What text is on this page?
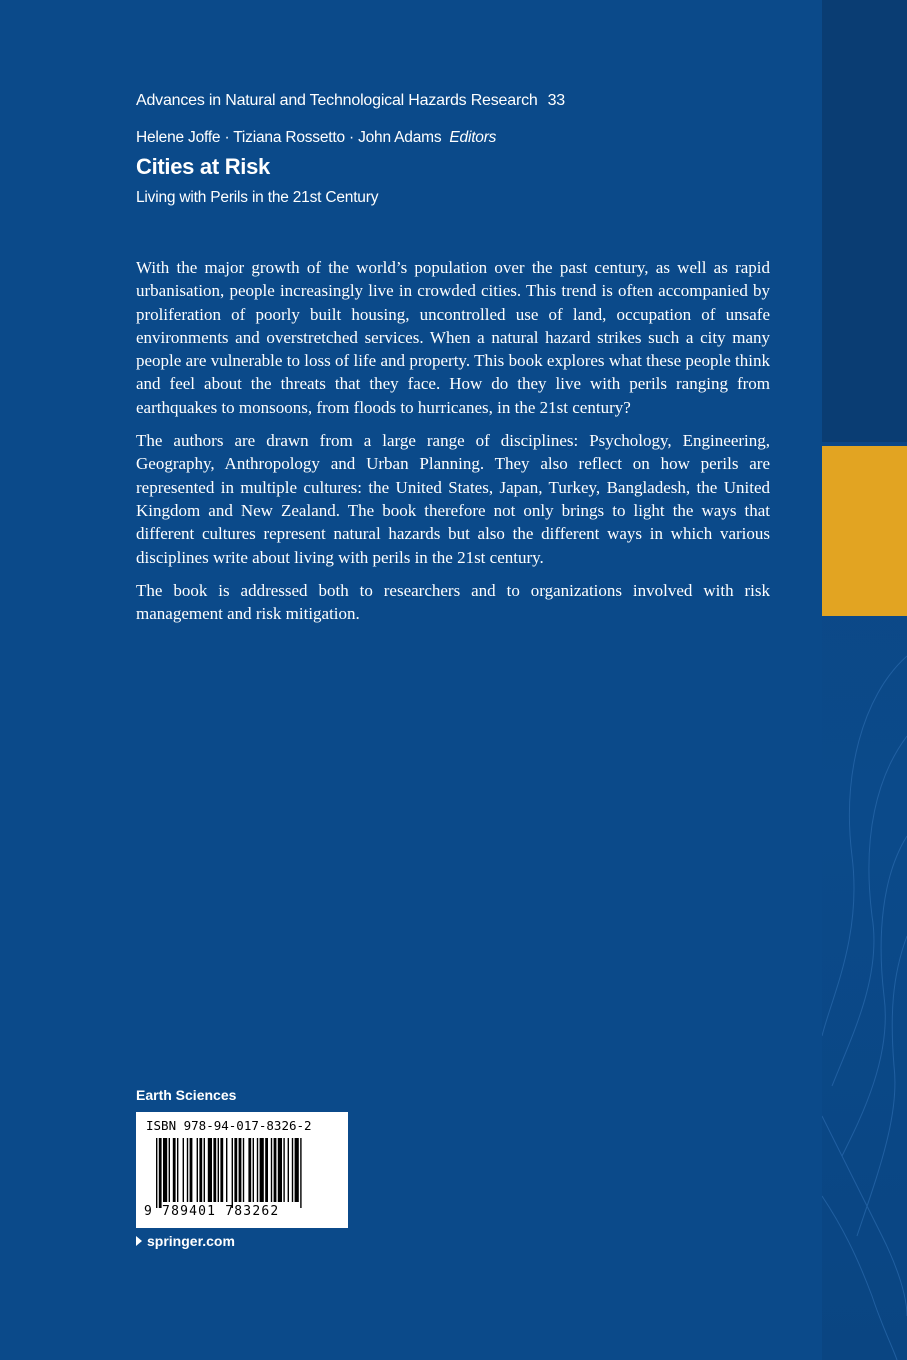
Advances in Natural and Technological Hazards Research 33
Helene Joffe · Tiziana Rossetto · John Adams Editors
Cities at Risk
Living with Perils in the 21st Century

With the major growth of the world’s population over the past century, as well as rapid urbanisation, people increasingly live in crowded cities. This trend is often accompanied by proliferation of poorly built housing, uncontrolled use of land, occupation of unsafe environments and overstretched services. When a natural hazard strikes such a city many people are vulnerable to loss of life and property. This book explores what these people think and feel about the threats that they face. How do they live with perils ranging from earthquakes to monsoons, from floods to hurricanes, in the 21st century?

The authors are drawn from a large range of disciplines: Psychology, Engineering, Geography, Anthropology and Urban Planning. They also reflect on how perils are represented in multiple cultures: the United States, Japan, Turkey, Bangladesh, the United Kingdom and New Zealand. The book therefore not only brings to light the ways that different cultures represent natural hazards but also the different ways in which various disciplines write about living with perils in the 21st century.

The book is addressed both to researchers and to organizations involved with risk management and risk mitigation.

Earth Sciences
ISBN 978-94-017-8326-2
9 789401 783262
springer.com
